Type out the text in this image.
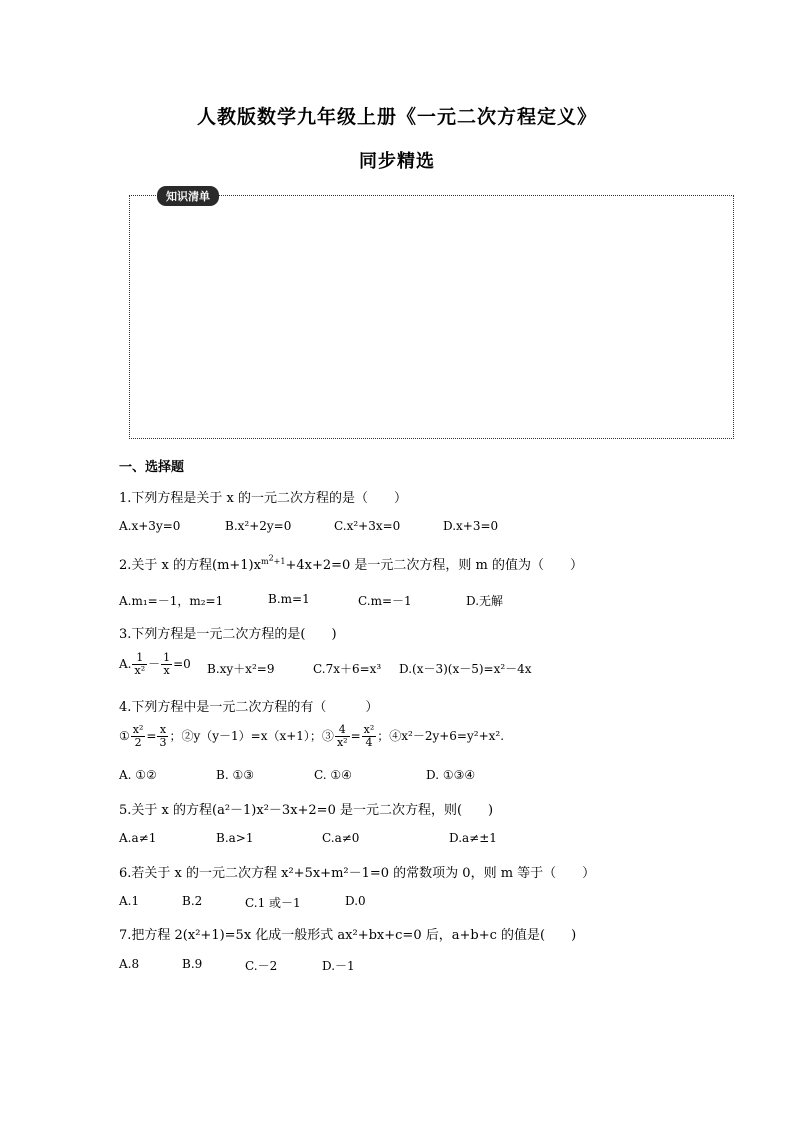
人教版数学九年级上册《一元二次方程定义》
同步精选
知识清单
一、选择题
1.下列方程是关于 x 的一元二次方程的是（　　）
A.x+3y=0	B.x²+2y=0	C.x²+3x=0	D.x+3=0
2.关于 x 的方程$(m+1)x^{m^2+1}+4x+2=0$ 是一元二次方程，则 m 的值为（　　）
A.m₁=－1，m₂=1	B.m=1	C.m=－1	D.无解
3.下列方程是一元二次方程的是(　　)
A. $\frac{1}{\text{x²}} - \frac{1}{x} =0$ B.xy＋x²=9	C.7x＋6=x³ D.(x－3)(x－5)=x²－4x
4.下列方程中是一元二次方程的有（　　　）
① $\frac{\text{x²}}{2} = \frac{x}{3}$ ；②y（y－1）=x（x+1）；③ $\frac{4}{\text{x²}} = \frac{\text{x²}}{4}$ ；④x²－2y+6=y²+x².
A. ①②	B. ①③	C. ①④	D. ①③④
5.关于 x 的方程(a²－1)x²－3x+2=0 是一元二次方程，则(　　)
A.a≠1	B.a>1	C.a≠0	D.a≠±1
6.若关于 x 的一元二次方程 x²+5x+m²－1=0 的常数项为 0，则 m 等于（　　）
A.1	B.2	C.1 或－1	D.0
7.把方程 2(x²+1)=5x 化成一般形式 ax²+bx+c=0 后，a+b+c 的值是(　　)
A.8	B.9	C.－2	D.－1
